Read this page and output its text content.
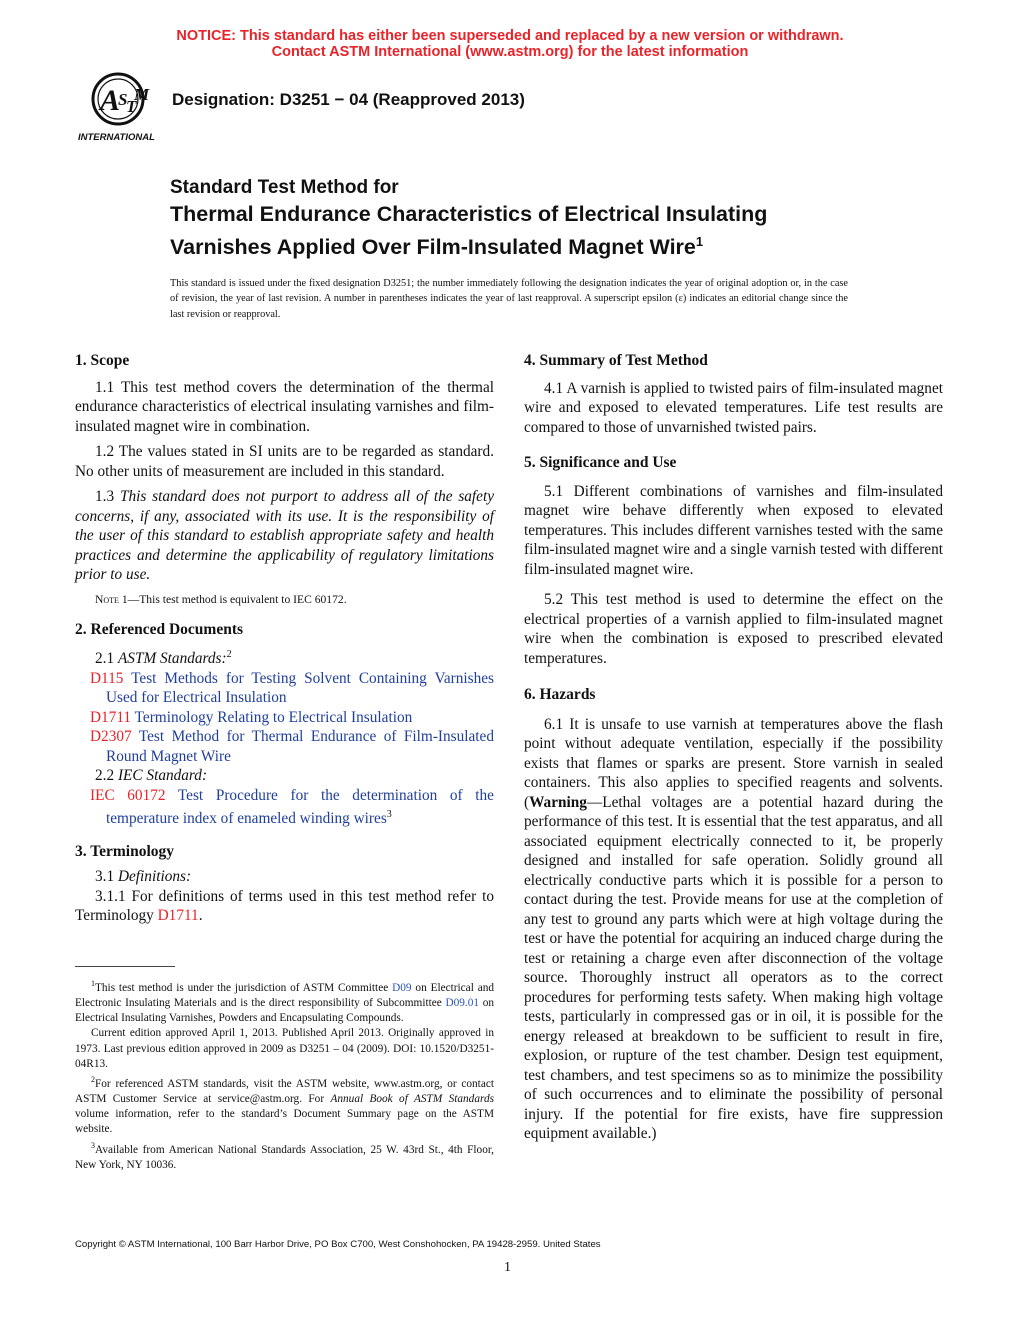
NOTICE: This standard has either been superseded and replaced by a new version or withdrawn.
Contact ASTM International (www.astm.org) for the latest information
A
S
T
M
INTERNATIONAL
Designation: D3251 − 04 (Reapproved 2013)
Standard Test Method for
Thermal Endurance Characteristics of Electrical Insulating
Varnishes Applied Over Film-Insulated Magnet Wire$^1$
This standard is issued under the fixed designation D3251; the number immediately following the designation indicates the year of original adoption or, in the case of revision, the year of last revision. A number in parentheses indicates the year of last reapproval. A superscript epsilon (ε) indicates an editorial change since the last revision or reapproval.

1. Scope

1.1 This test method covers the determination of the thermal endurance characteristics of electrical insulating varnishes and film-insulated magnet wire in combination.

1.2 The values stated in SI units are to be regarded as standard. No other units of measurement are included in this standard.

1.3 This standard does not purport to address all of the safety concerns, if any, associated with its use. It is the responsibility of the user of this standard to establish appropriate safety and health practices and determine the applicability of regulatory limitations prior to use.

Note 1—This test method is equivalent to IEC 60172.

2. Referenced Documents

2.1 ASTM Standards:$^2$

D115 Test Methods for Testing Solvent Containing Varnishes Used for Electrical Insulation

D1711 Terminology Relating to Electrical Insulation

D2307 Test Method for Thermal Endurance of Film-Insulated Round Magnet Wire

2.2 IEC Standard:

IEC 60172 Test Procedure for the determination of the temperature index of enameled winding wires$^3$

3. Terminology

3.1 Definitions:

3.1.1 For definitions of terms used in this test method refer to Terminology D1711.

4. Summary of Test Method

4.1 A varnish is applied to twisted pairs of film-insulated magnet wire and exposed to elevated temperatures. Life test results are compared to those of unvarnished twisted pairs.

5. Significance and Use

5.1 Different combinations of varnishes and film-insulated magnet wire behave differently when exposed to elevated temperatures. This includes different varnishes tested with the same film-insulated magnet wire and a single varnish tested with different film-insulated magnet wire.

5.2 This test method is used to determine the effect on the electrical properties of a varnish applied to film-insulated magnet wire when the combination is exposed to prescribed elevated temperatures.

6. Hazards

6.1 It is unsafe to use varnish at temperatures above the flash point without adequate ventilation, especially if the possibility exists that flames or sparks are present. Store varnish in sealed containers. This also applies to specified reagents and solvents. (Warning—Lethal voltages are a potential hazard during the performance of this test. It is essential that the test apparatus, and all associated equipment electrically connected to it, be properly designed and installed for safe operation. Solidly ground all electrically conductive parts which it is possible for a person to contact during the test. Provide means for use at the completion of any test to ground any parts which were at high voltage during the test or have the potential for acquiring an induced charge during the test or retaining a charge even after disconnection of the voltage source. Thoroughly instruct all operators as to the correct procedures for performing tests safety. When making high voltage tests, particularly in compressed gas or in oil, it is possible for the energy released at breakdown to be sufficient to result in fire, explosion, or rupture of the test chamber. Design test equipment, test chambers, and test specimens so as to minimize the possibility of such occurrences and to eliminate the possibility of personal injury. If the potential for fire exists, have fire suppression equipment available.)

$^1$This test method is under the jurisdiction of ASTM Committee D09 on Electrical and Electronic Insulating Materials and is the direct responsibility of Subcommittee D09.01 on Electrical Insulating Varnishes, Powders and Encapsulating Compounds.

Current edition approved April 1, 2013. Published April 2013. Originally approved in 1973. Last previous edition approved in 2009 as D3251 – 04 (2009). DOI: 10.1520/D3251-04R13.

$^2$For referenced ASTM standards, visit the ASTM website, www.astm.org, or contact ASTM Customer Service at service@astm.org. For Annual Book of ASTM Standards volume information, refer to the standard’s Document Summary page on the ASTM website.

$^3$Available from American National Standards Association, 25 W. 43rd St., 4th Floor, New York, NY 10036.

Copyright © ASTM International, 100 Barr Harbor Drive, PO Box C700, West Conshohocken, PA 19428-2959. United States
1
